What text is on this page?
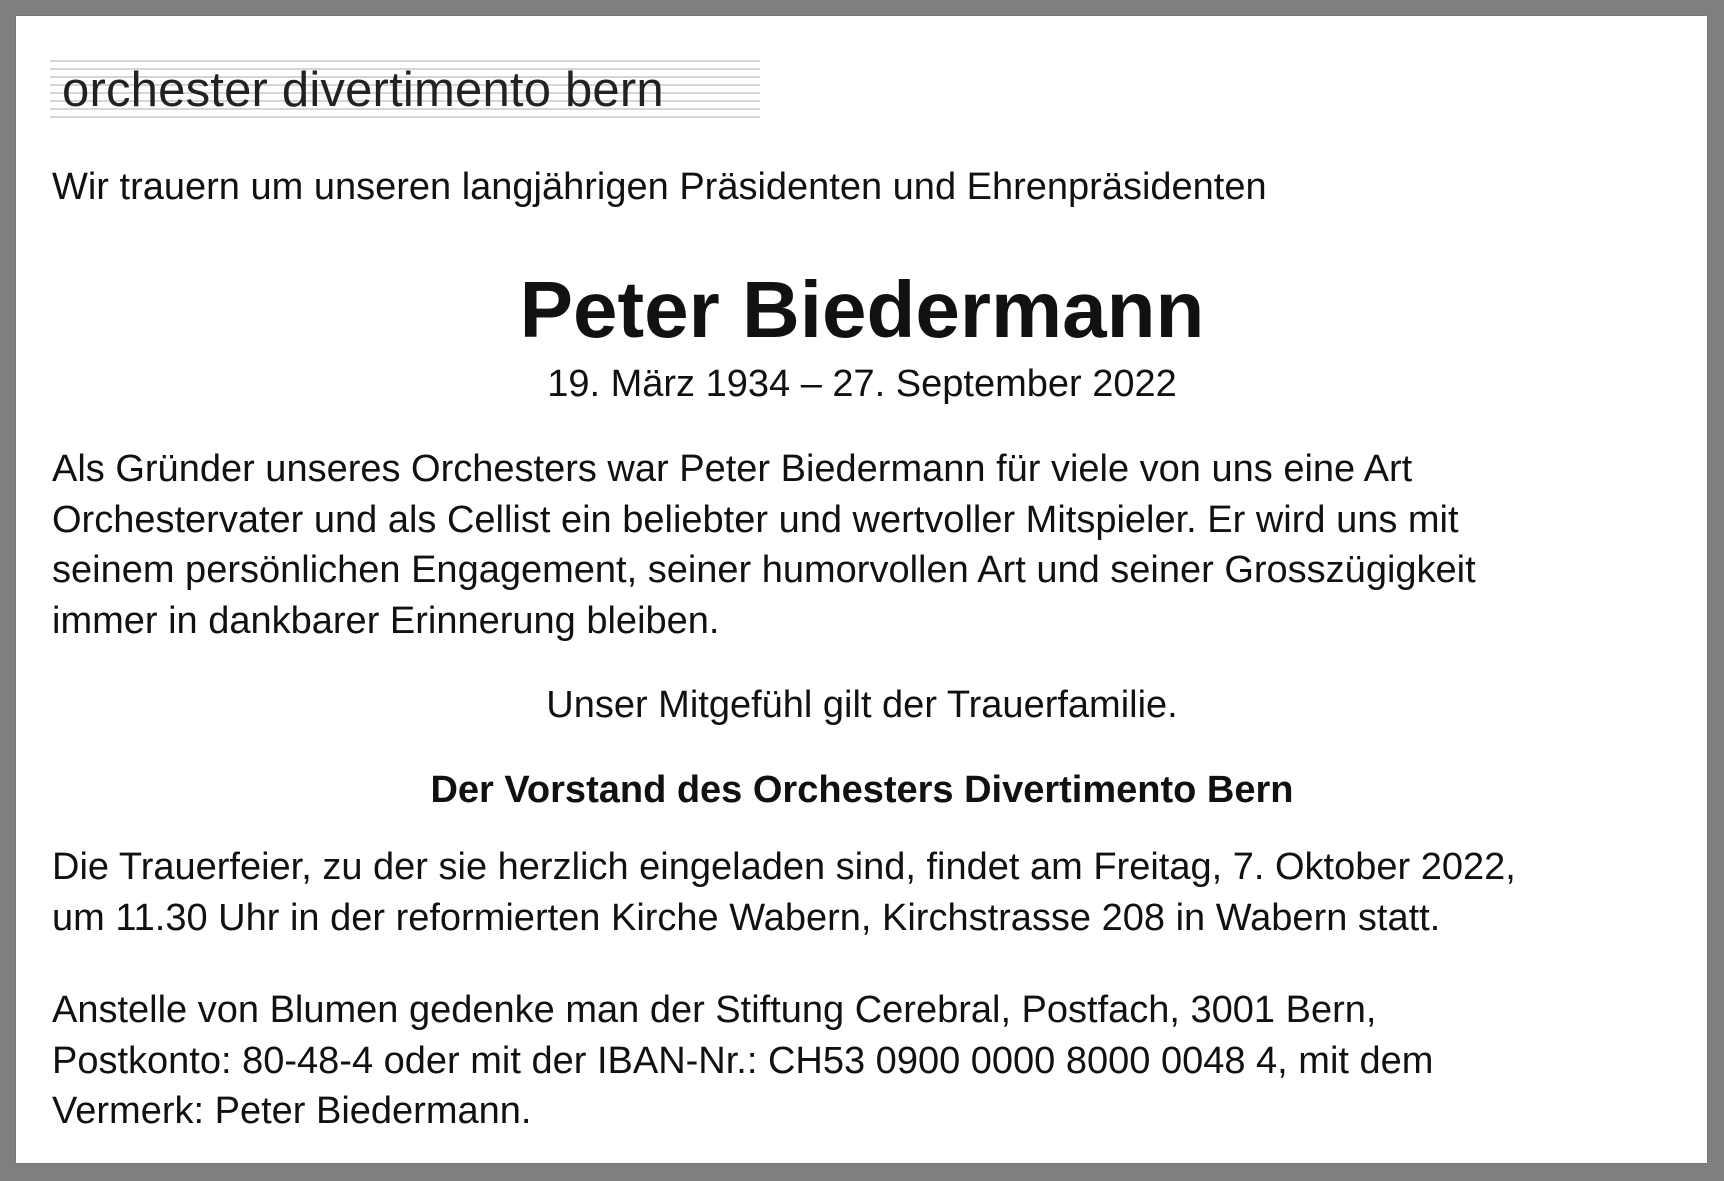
orchester divertimento bern
Wir trauern um unseren langjährigen Präsidenten und Ehrenpräsidenten
Peter Biedermann
19. März 1934 – 27. September 2022
Als Gründer unseres Orchesters war Peter Biedermann für viele von uns eine Art
Orchestervater und als Cellist ein beliebter und wertvoller Mitspieler. Er wird uns mit
seinem persönlichen Engagement, seiner humorvollen Art und seiner Grosszügigkeit
immer in dankbarer Erinnerung bleiben.
Unser Mitgefühl gilt der Trauerfamilie.
Der Vorstand des Orchesters Divertimento Bern
Die Trauerfeier, zu der sie herzlich eingeladen sind, findet am Freitag, 7. Oktober 2022,
um 11.30 Uhr in der reformierten Kirche Wabern, Kirchstrasse 208 in Wabern statt.
Anstelle von Blumen gedenke man der Stiftung Cerebral, Postfach, 3001 Bern,
Postkonto: 80-48-4 oder mit der IBAN-Nr.: CH53 0900 0000 8000 0048 4, mit dem
Vermerk: Peter Biedermann.
